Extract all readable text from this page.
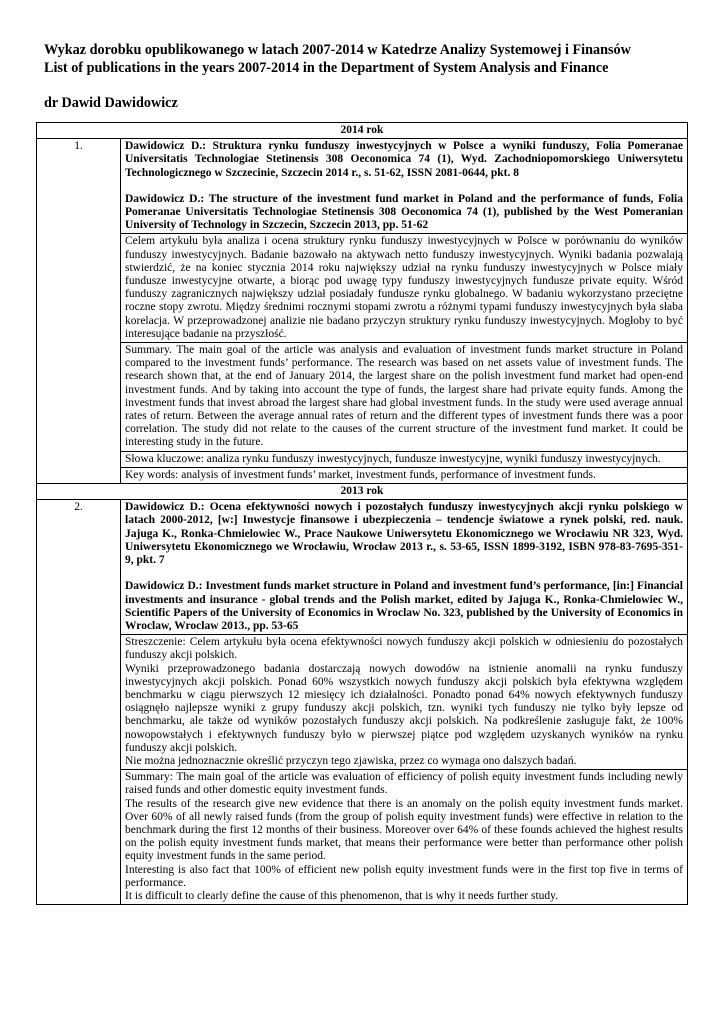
Wykaz dorobku opublikowanego w latach 2007-2014 w Katedrze Analizy Systemowej i Finansów

List of publications in the years 2007-2014 in the Department of System Analysis and Finance

dr Dawid Dawidowicz
2014 rok	
1.	Dawidowicz D.: Struktura rynku funduszy inwestycyjnych w Polsce a wyniki funduszy, Folia Pomeranae Universitatis Technologiae Stetinensis 308 Oeconomica 74 (1), Wyd. Zachodniopomorskiego Uniwersytetu Technologicznego w Szczecinie, Szczecin 2014 r., s. 51-62, ISSN 2081-0644, pkt. 8

Dawidowicz D.: The structure of the investment fund market in Poland and the performance of funds, Folia Pomeranae Universitatis Technologiae Stetinensis 308 Oeconomica 74 (1), published by the West Pomeranian University of Technology in Szczecin, Szczecin 2013, pp. 51-62

	Celem artykułu była analiza i ocena struktury rynku funduszy inwestycyjnych w Polsce w porównaniu do wyników funduszy inwestycyjnych. Badanie bazowało na aktywach netto funduszy inwestycyjnych. Wyniki badania pozwalają stwierdzić, że na koniec stycznia 2014 roku największy udział na rynku funduszy inwestycyjnych w Polsce miały fundusze inwestycyjne otwarte, a biorąc pod uwagę typy funduszy inwestycyjnych fundusze private equity. Wśród funduszy zagranicznych największy udział posiadały fundusze rynku globalnego. W badaniu wykorzystano przeciętne roczne stopy zwrotu. Między średnimi rocznymi stopami zwrotu a różnymi typami funduszy inwestycyjnych była słaba korelacja. W przeprowadzonej analizie nie badano przyczyn struktury rynku funduszy inwestycyjnych. Mogłoby to być interesujące badanie na przyszłość.
	Summary. The main goal of the article was analysis and evaluation of investment funds market structure in Poland compared to the investment funds’ performance. The research was based on net assets value of investment funds. The research shown that, at the end of January 2014, the largest share on the polish investment fund market had open-end investment funds. And by taking into account the type of funds, the largest share had private equity funds. Among the investment funds that invest abroad the largest share had global investment funds. In the study were used average annual rates of return. Between the average annual rates of return and the different types of investment funds there was a poor correlation. The study did not relate to the causes of the current structure of the investment fund market. It could be interesting study in the future.
	Słowa kluczowe: analiza rynku funduszy inwestycyjnych, fundusze inwestycyjne, wyniki funduszy inwestycyjnych.
	Key words: analysis of investment funds’ market, investment funds, performance of investment funds.
2013 rok	
2.	Dawidowicz D.: Ocena efektywności nowych i pozostałych funduszy inwestycyjnych akcji rynku polskiego w latach 2000-2012, [w:] Inwestycje finansowe i ubezpieczenia – tendencje światowe a rynek polski, red. nauk. Jajuga K., Ronka-Chmielowiec W., Prace Naukowe Uniwersytetu Ekonomicznego we Wrocławiu NR 323, Wyd. Uniwersytetu Ekonomicznego we Wrocławiu, Wrocław 2013 r., s. 53-65, ISSN 1899-3192, ISBN 978-83-7695-351-9, pkt. 7

Dawidowicz D.: Investment funds market structure in Poland and investment fund’s performance, [in:] Financial investments and insurance - global trends and the Polish market, edited by Jajuga K., Ronka-Chmielowiec W., Scientific Papers of the University of Economics in Wroclaw No. 323, published by the University of Economics in Wroclaw, Wroclaw 2013., pp. 53-65

	Streszczenie: Celem artykułu była ocena efektywności nowych funduszy akcji polskich w odniesieniu do pozostałych funduszy akcji polskich.

Wyniki przeprowadzonego badania dostarczają nowych dowodów na istnienie anomalii na rynku funduszy inwestycyjnych akcji polskich. Ponad 60% wszystkich nowych funduszy akcji polskich była efektywna względem benchmarku w ciągu pierwszych 12 miesięcy ich działalności. Ponadto ponad 64% nowych efektywnych funduszy osiągnęło najlepsze wyniki z grupy funduszy akcji polskich, tzn. wyniki tych funduszy nie tylko były lepsze od benchmarku, ale także od wyników pozostałych funduszy akcji polskich. Na podkreślenie zasługuje fakt, że 100% nowopowstałych i efektywnych funduszy było w pierwszej piątce pod względem uzyskanych wyników na rynku funduszy akcji polskich.

Nie można jednoznacznie określić przyczyn tego zjawiska, przez co wymaga ono dalszych badań.

	Summary: The main goal of the article was evaluation of efficiency of polish equity investment funds including newly raised funds and other domestic equity investment funds.

The results of the research give new evidence that there is an anomaly on the polish equity investment funds market. Over 60% of all newly raised funds (from the group of polish equity investment funds) were effective in relation to the benchmark during the first 12 months of their business. Moreover over 64% of these founds achieved the highest results on the polish equity investment funds market, that means their performance were better than performance other polish equity investment funds in the same period.

Interesting is also fact that 100% of efficient new polish equity investment funds were in the first top five in terms of performance.

It is difficult to clearly define the cause of this phenomenon, that is why it needs further study.
